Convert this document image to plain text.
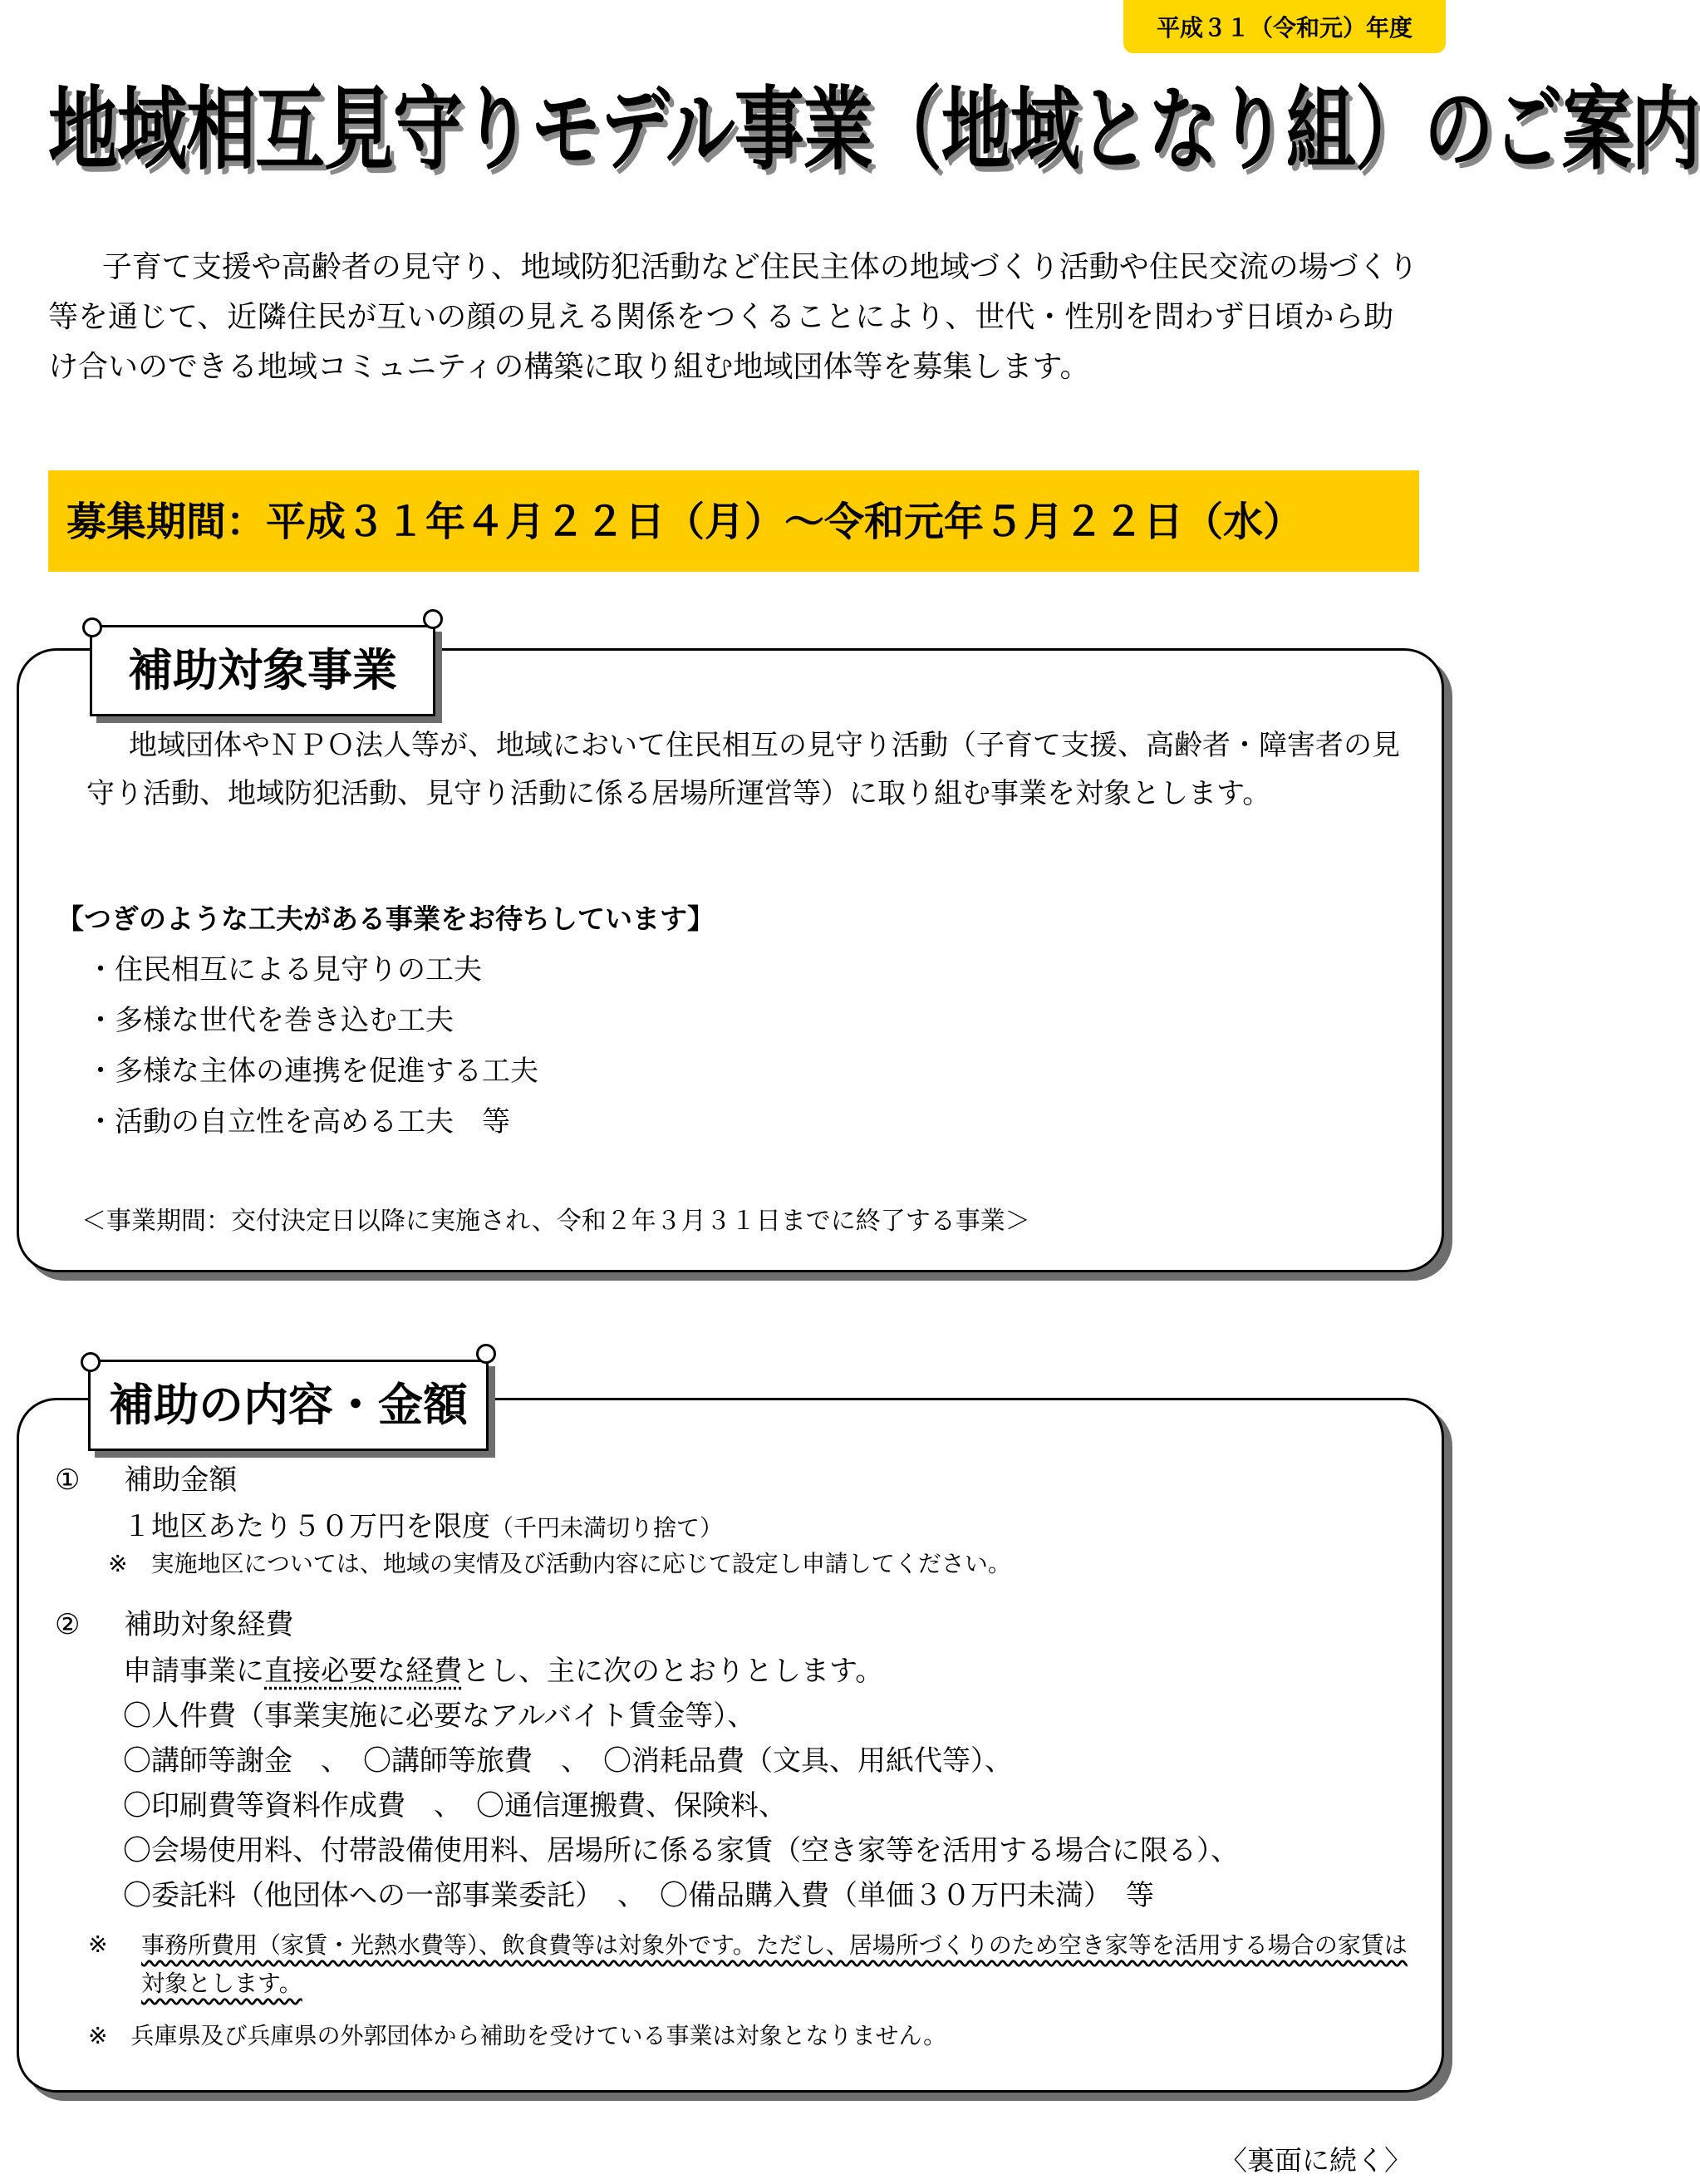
平成３１（令和元）年度
地域相互見守りモデル事業（地域となり組）のご案内
子育て支援や高齢者の見守り、地域防犯活動など住民主体の地域づくり活動や住民交流の場づくり等を通じて、近隣住民が互いの顔の見える関係をつくることにより、世代・性別を問わず日頃から助け合いのできる地域コミュニティの構築に取り組む地域団体等を募集します。
募集期間：平成３１年４月２２日（月）～令和元年５月２２日（水）
補助対象事業
地域団体やＮＰＯ法人等が、地域において住民相互の見守り活動（子育て支援、高齢者・障害者の見守り活動、地域防犯活動、見守り活動に係る居場所運営等）に取り組む事業を対象とします。
【つぎのような工夫がある事業をお待ちしています】
・住民相互による見守りの工夫
・多様な世代を巻き込む工夫
・多様な主体の連携を促進する工夫
・活動の自立性を高める工夫　等
＜事業期間：交付決定日以降に実施され、令和２年３月３１日までに終了する事業＞
補助の内容・金額
① 補助金額
１地区あたり５０万円を限度（千円未満切り捨て）
※　実施地区については、地域の実情及び活動内容に応じて設定し申請してください。
② 補助対象経費
申請事業に直接必要な経費とし、主に次のとおりとします。
〇人件費（事業実施に必要なアルバイト賃金等）、
〇講師等謝金　、　〇講師等旅費　、　〇消耗品費（文具、用紙代等）、
〇印刷費等資料作成費　、　〇通信運搬費、保険料、
〇会場使用料、付帯設備使用料、居場所に係る家賃（空き家等を活用する場合に限る）、
〇委託料（他団体への一部事業委託）　、　〇備品購入費（単価３０万円未満）　等
※	事務所費用（家賃・光熱水費等）、飲食費等は対象外です。ただし、居場所づくりのため空き家等を活用する場合の家賃は対象とします。
※　兵庫県及び兵庫県の外郭団体から補助を受けている事業は対象となりません。
〈裏面に続く〉
